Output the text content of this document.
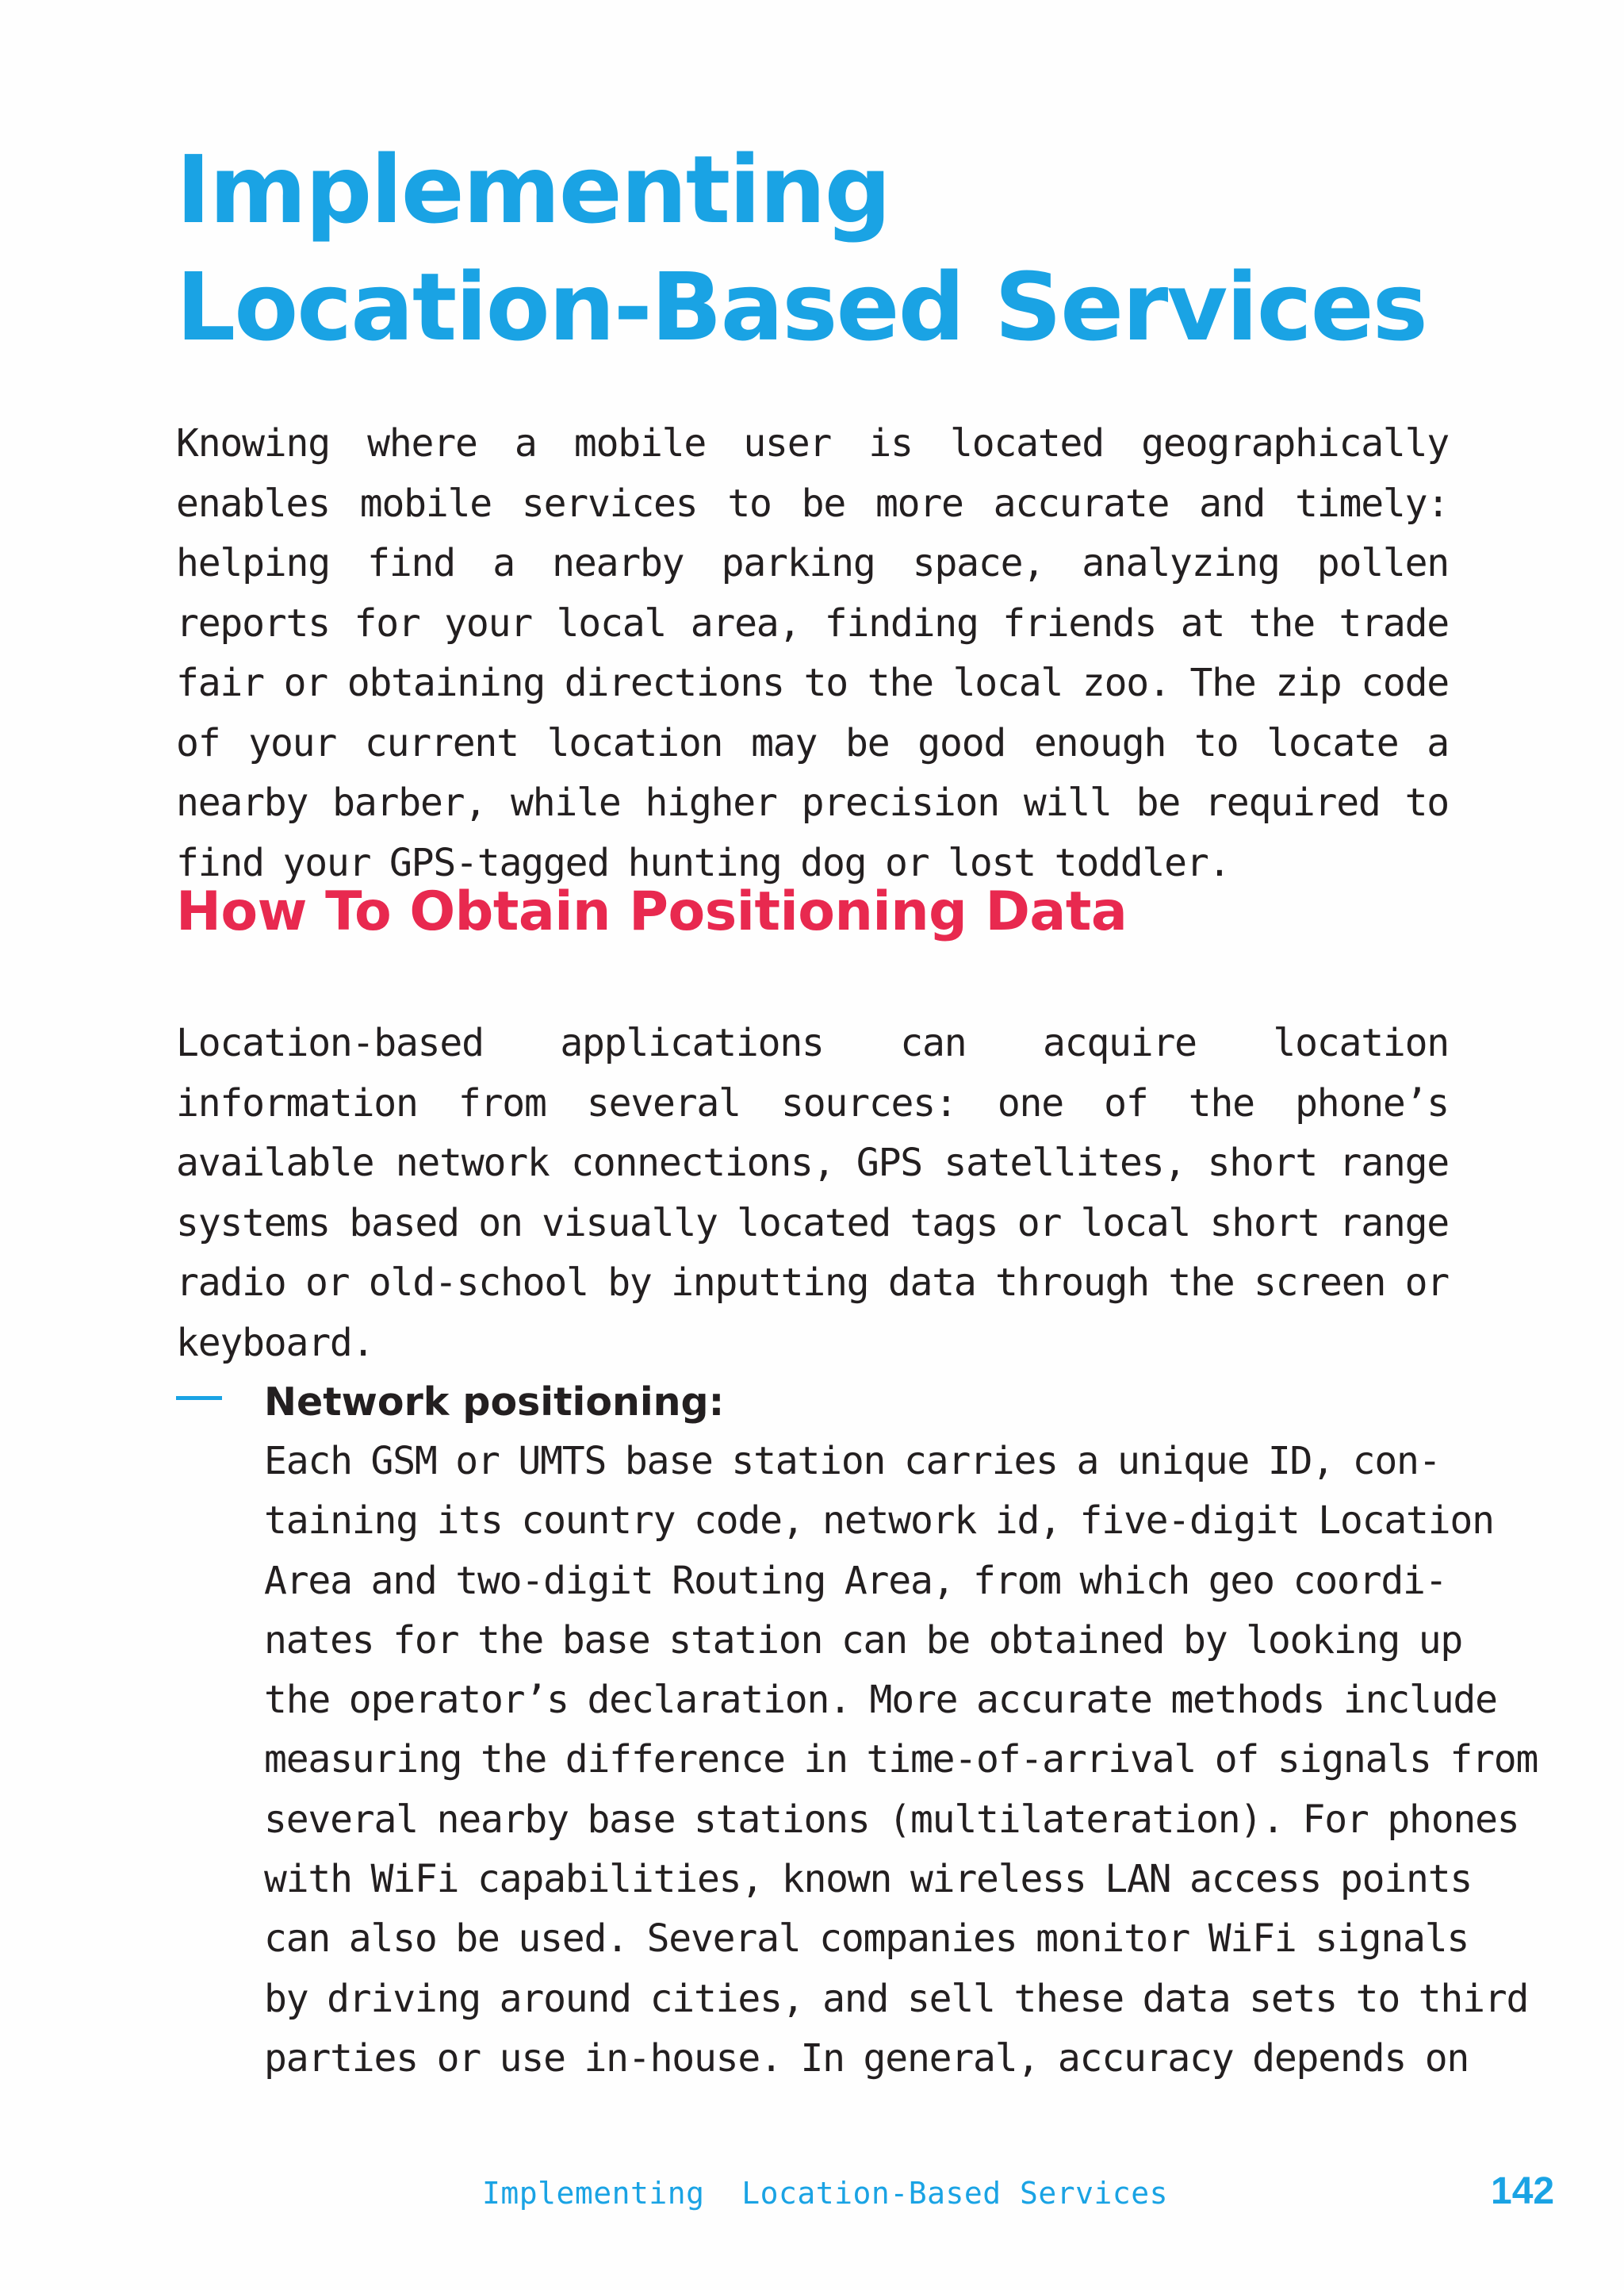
Implementing
Location-Based Services

Knowing where a mobile user is located geographically enables mobile services to be more accurate and timely: helping find a nearby parking space, analyzing pollen reports for your local area, finding friends at the trade fair or obtaining directions to the local zoo. The zip code of your current location may be good enough to locate a nearby barber, while higher precision will be required to find your GPS-tagged hunting dog or lost toddler.

How To Obtain Positioning Data

Location-based applications can acquire location information from several sources: one of the phone’s available network connections, GPS satellites, short range systems based on visually located tags or local short range radio or old-school by inputting data through the screen or keyboard.

Network positioning:

Each GSM or UMTS base station carries a unique ID, con-
taining its country code, network id, five-digit Location
Area and two-digit Routing Area, from which geo coordi-
nates for the base station can be obtained by looking up
the operator’s declaration. More accurate methods include
measuring the difference in time-of-arrival of signals from
several nearby base stations (multilateration). For phones
with WiFi capabilities, known wireless LAN access points
can also be used. Several companies monitor WiFi signals
by driving around cities, and sell these data sets to third
parties or use in-house. In general, accuracy depends on

Implementing  Location-Based Services	142
